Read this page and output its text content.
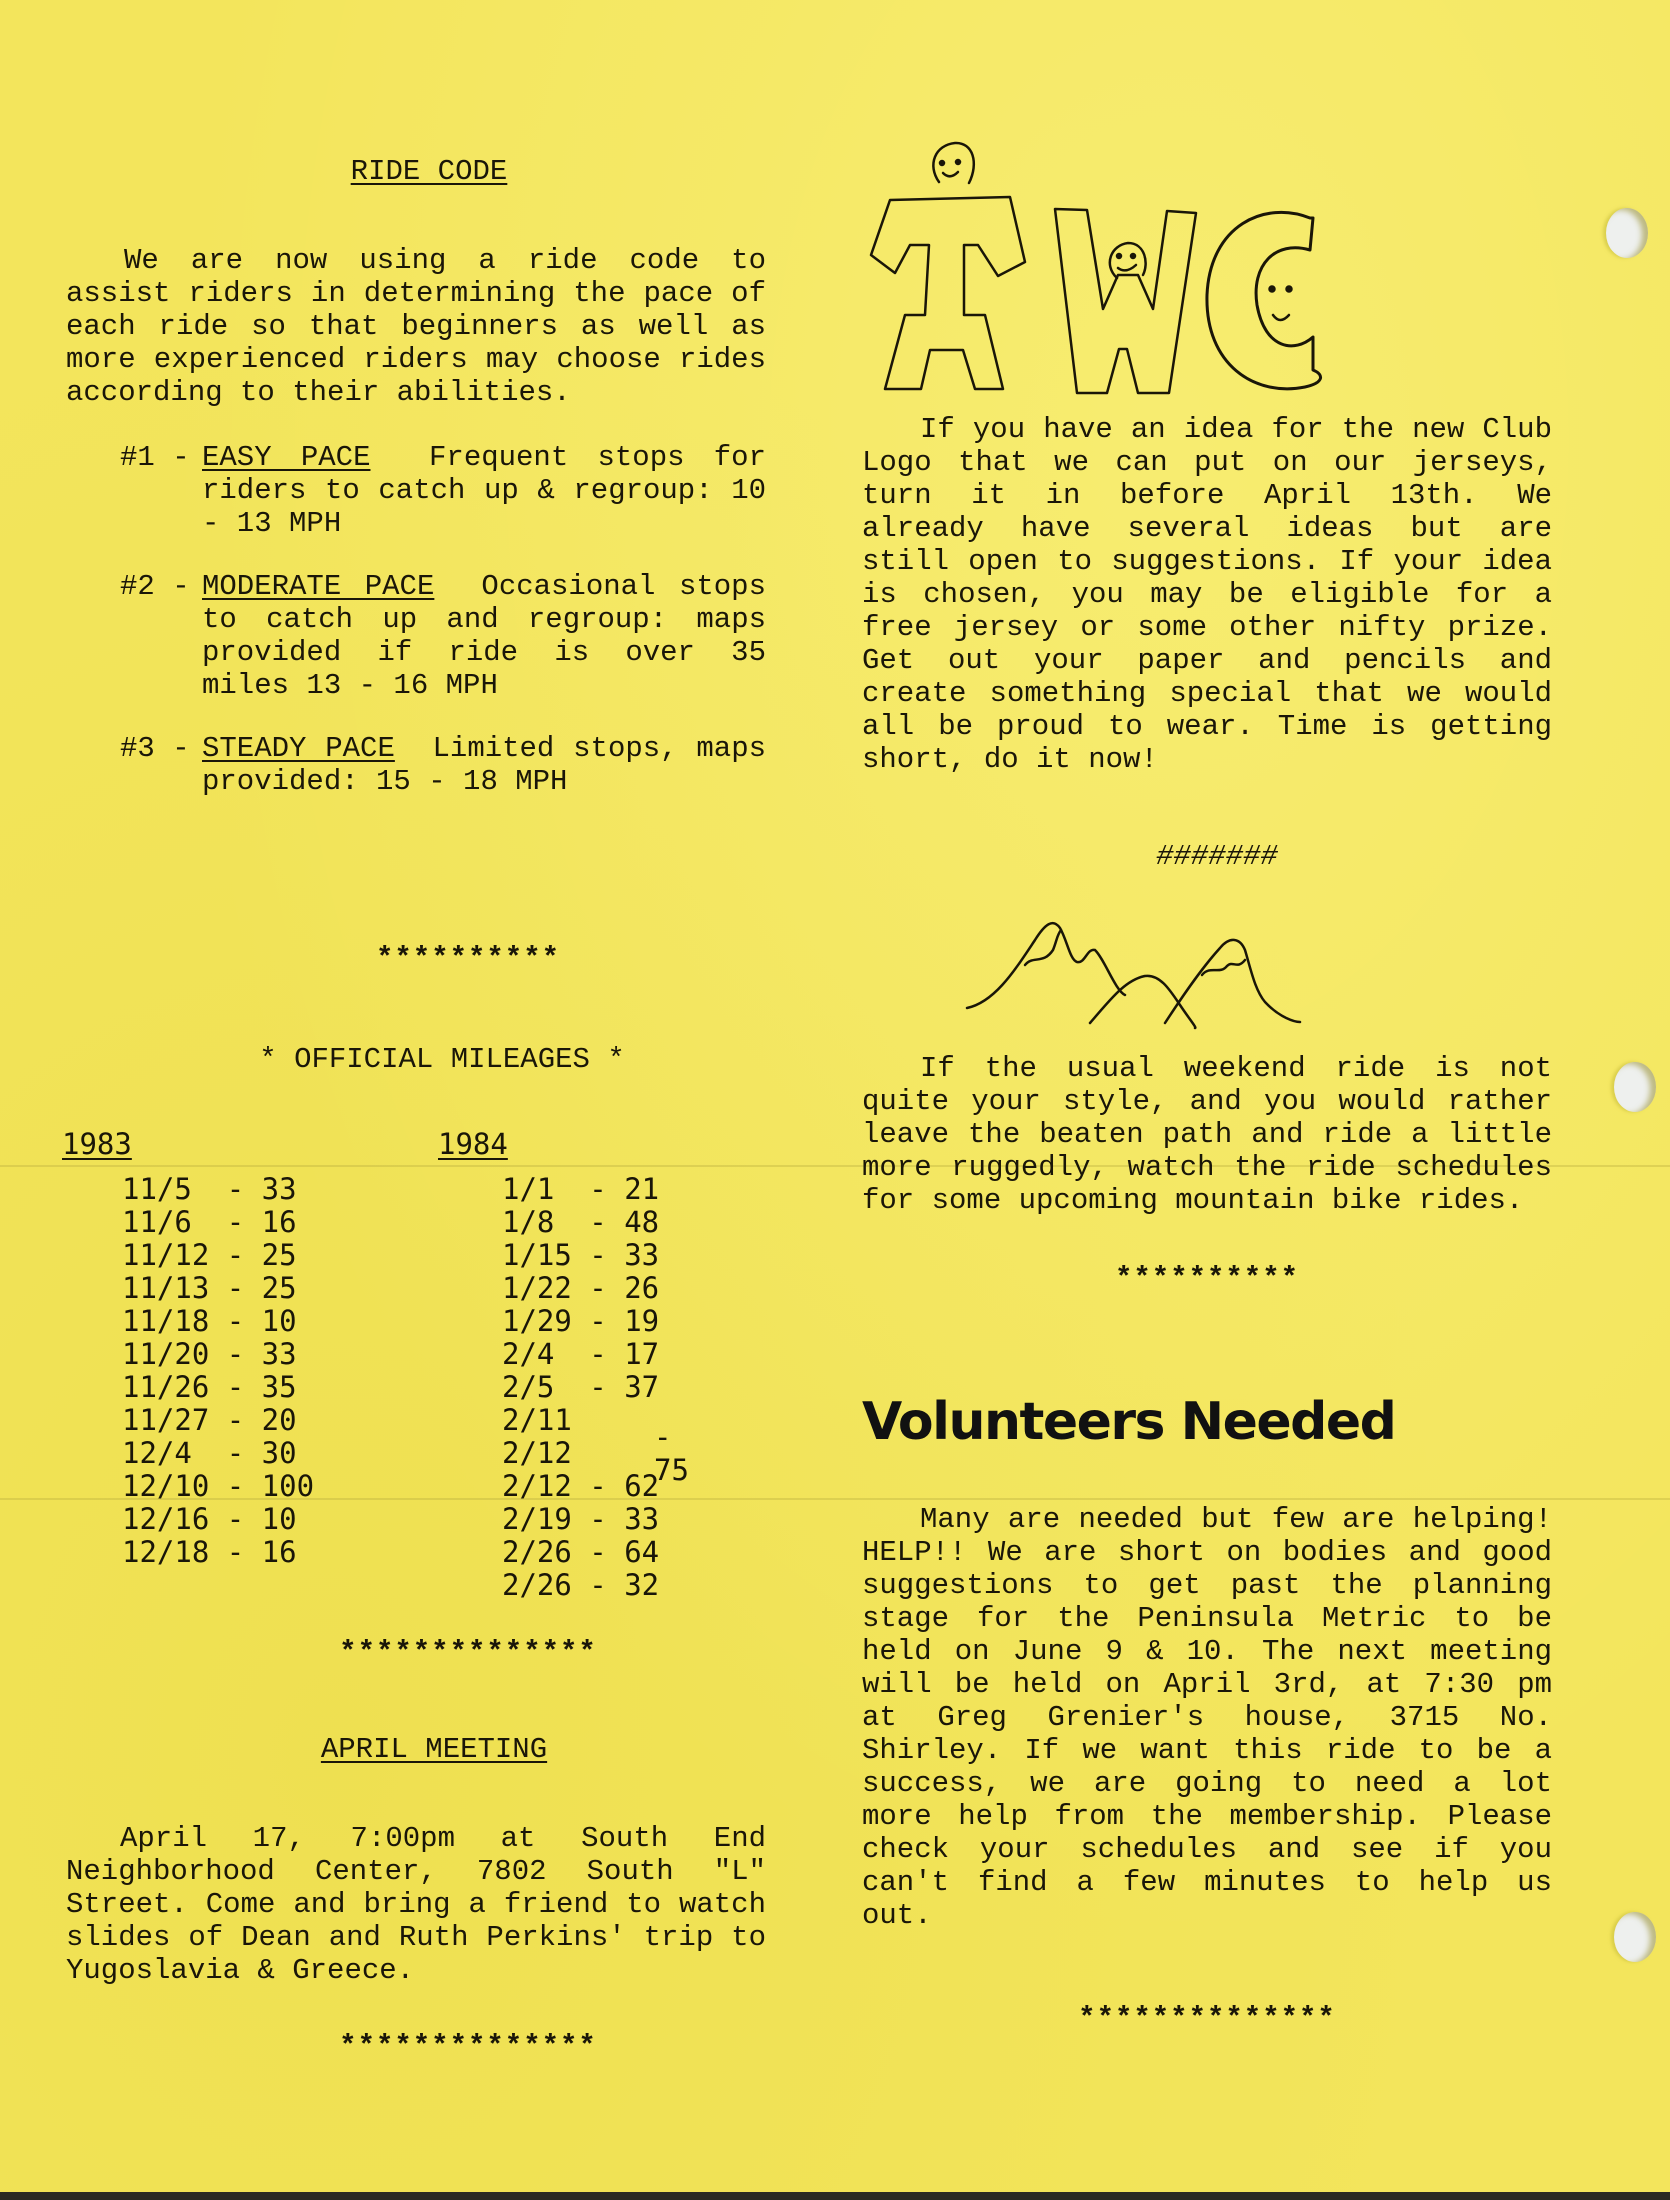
RIDE CODE
We are now using a ride code to assist riders in determining the pace of each ride so that beginners as well as more experienced riders may choose rides according to their abilities.
#1 - EASY PACE Frequent stops for riders to catch up & regroup: 10 - 13 MPH
#2 - MODERATE PACE Occasional stops to catch up and regroup: maps provided if ride is over 35 miles 13 - 16 MPH
#3 - STEADY PACE Limited stops, maps provided: 15 - 18 MPH
**********
* OFFICIAL MILEAGES *
1983
11/5  - 33
11/6  - 16
11/12 - 25
11/13 - 25
11/18 - 10
11/20 - 33
11/26 - 35
11/27 - 20
12/4  - 30
12/10 - 100
12/16 - 10
12/18 - 16
1984
- 75
1/1  - 21
1/8  - 48
1/15 - 33
1/22 - 26
1/29 - 19
2/4  - 17
2/5  - 37
2/11
2/12
2/12 - 62
2/19 - 33
2/26 - 64
2/26 - 32
**************
APRIL MEETING
April 17, 7:00pm at South End Neighborhood Center, 7802 South "L" Street. Come and bring a friend to watch slides of Dean and Ruth Perkins' trip to Yugoslavia & Greece.
**************
If you have an idea for the new Club Logo that we can put on our jerseys, turn it in before April 13th. We already have several ideas but are still open to suggestions. If your idea is chosen, you may be eligible for a free jersey or some other nifty prize. Get out your paper and pencils and create something special that we would all be proud to wear. Time is getting short, do it now!
#######
If the usual weekend ride is not quite your style, and you would rather leave the beaten path and ride a little more ruggedly, watch the ride schedules for some upcoming mountain bike rides.
**********
Volunteers Needed
Many are needed but few are helping! HELP!! We are short on bodies and good suggestions to get past the planning stage for the Peninsula Metric to be held on June 9 & 10. The next meeting will be held on April 3rd, at 7:30 pm at Greg Grenier's house, 3715 No. Shirley. If we want this ride to be a success, we are going to need a lot more help from the membership. Please check your schedules and see if you can't find a few minutes to help us out.
**************
